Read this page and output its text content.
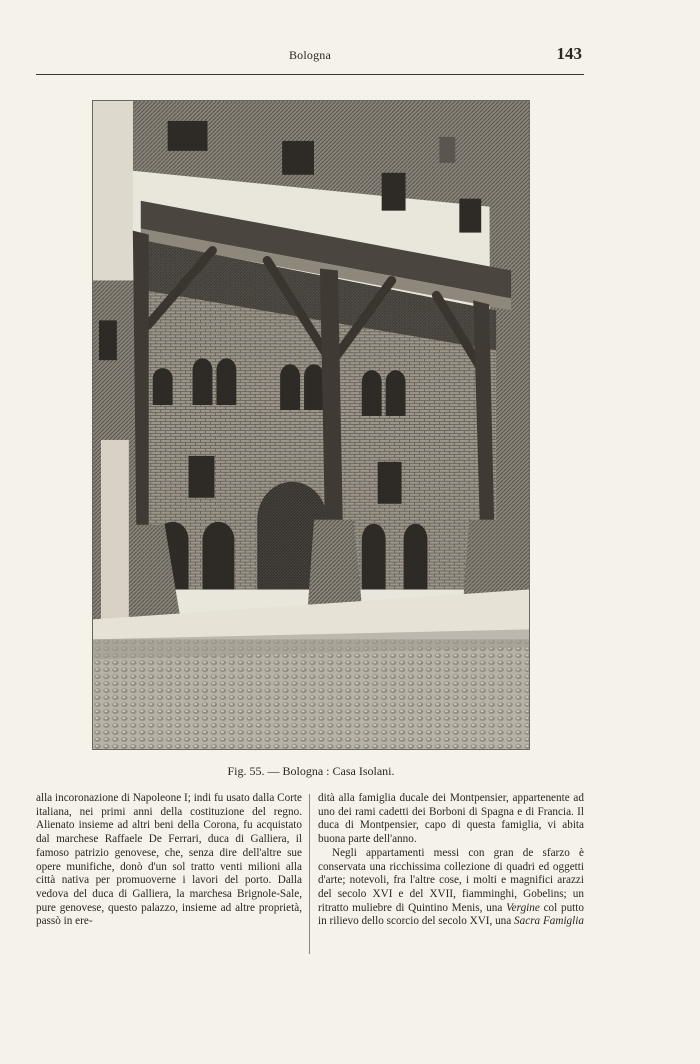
Bologna	143
Fig. 55. — Bologna : Casa Isolani.

alla incoronazione di Napoleone I; indi fu usato dalla Corte italiana, nei primi anni della costituzione del regno. Alienato insieme ad altri beni della Corona, fu acquistato dal marchese Raffaele De Ferrari, duca di Galliera, il famoso patrizio genovese, che, senza dire dell'altre sue opere munifiche, donò d'un sol tratto venti milioni alla città nativa per promuoverne i lavori del porto. Dalla vedova del duca di Galliera, la marchesa Brignole-Sale, pure genovese, questo palazzo, insieme ad altre proprietà, passò in ere-

dità alla famiglia ducale dei Montpensier, appartenente ad uno dei rami cadetti dei Borboni di Spagna e di Francia. Il duca di Montpensier, capo di questa famiglia, vi abita buona parte dell'anno.

Negli appartamenti messi con gran de sfarzo è conservata una ricchissima collezione di quadri ed oggetti d'arte; notevoli, fra l'altre cose, i molti e magnifici arazzi del secolo XVI e del XVII, fiamminghi, Gobelins; un ritratto muliebre di Quintino Menis, una Vergine col putto in rilievo dello scorcio del secolo XVI, una Sacra Famiglia
